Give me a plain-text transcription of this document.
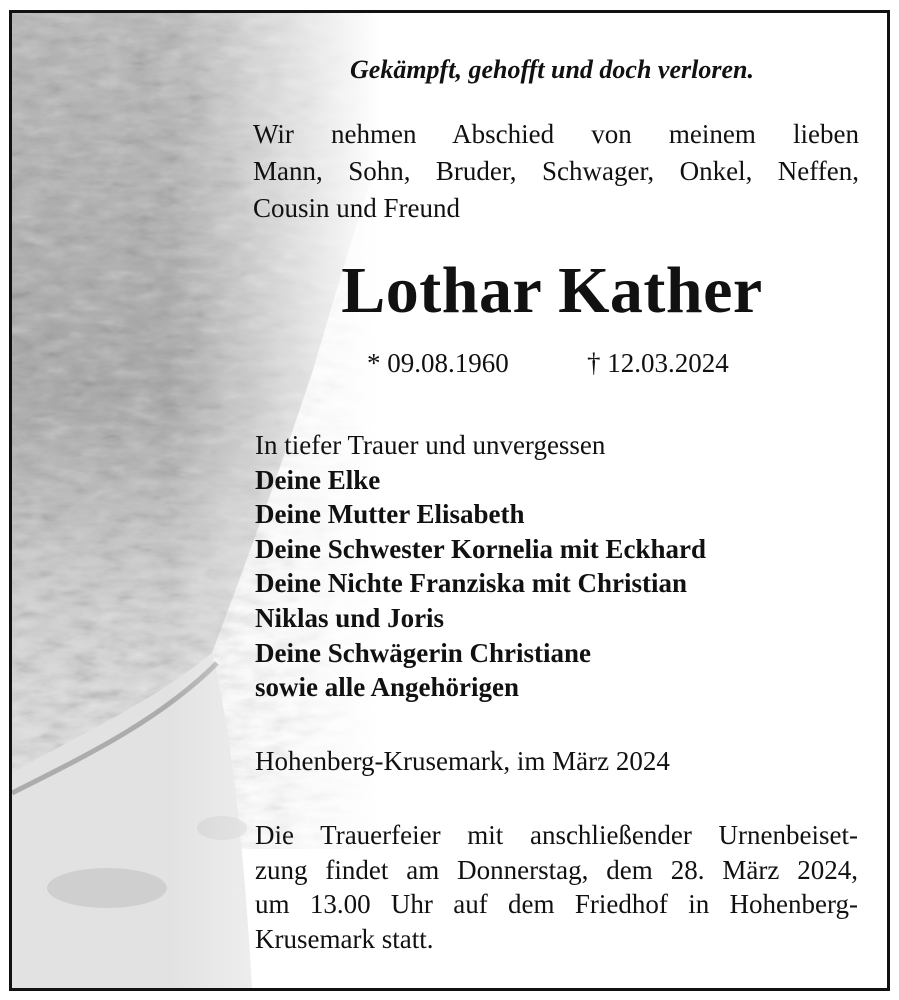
Gekämpft, gehofft und doch verloren.

Wir nehmen Abschied von meinem lieben
Mann, Sohn, Bruder, Schwager, Onkel, Neffen,
Cousin und Freund

Lothar Kather

* 09.08.1960	† 12.03.2024

In tiefer Trauer und unvergessen
Deine Elke
Deine Mutter Elisabeth
Deine Schwester Kornelia mit Eckhard
Deine Nichte Franziska mit Christian
Niklas und Joris
Deine Schwägerin Christiane
sowie alle Angehörigen

Hohenberg-Krusemark, im März 2024

Die Trauerfeier mit anschließender Urnenbeiset-
zung findet am Donnerstag, dem 28. März 2024,
um 13.00 Uhr auf dem Friedhof in Hohenberg-
Krusemark statt.
